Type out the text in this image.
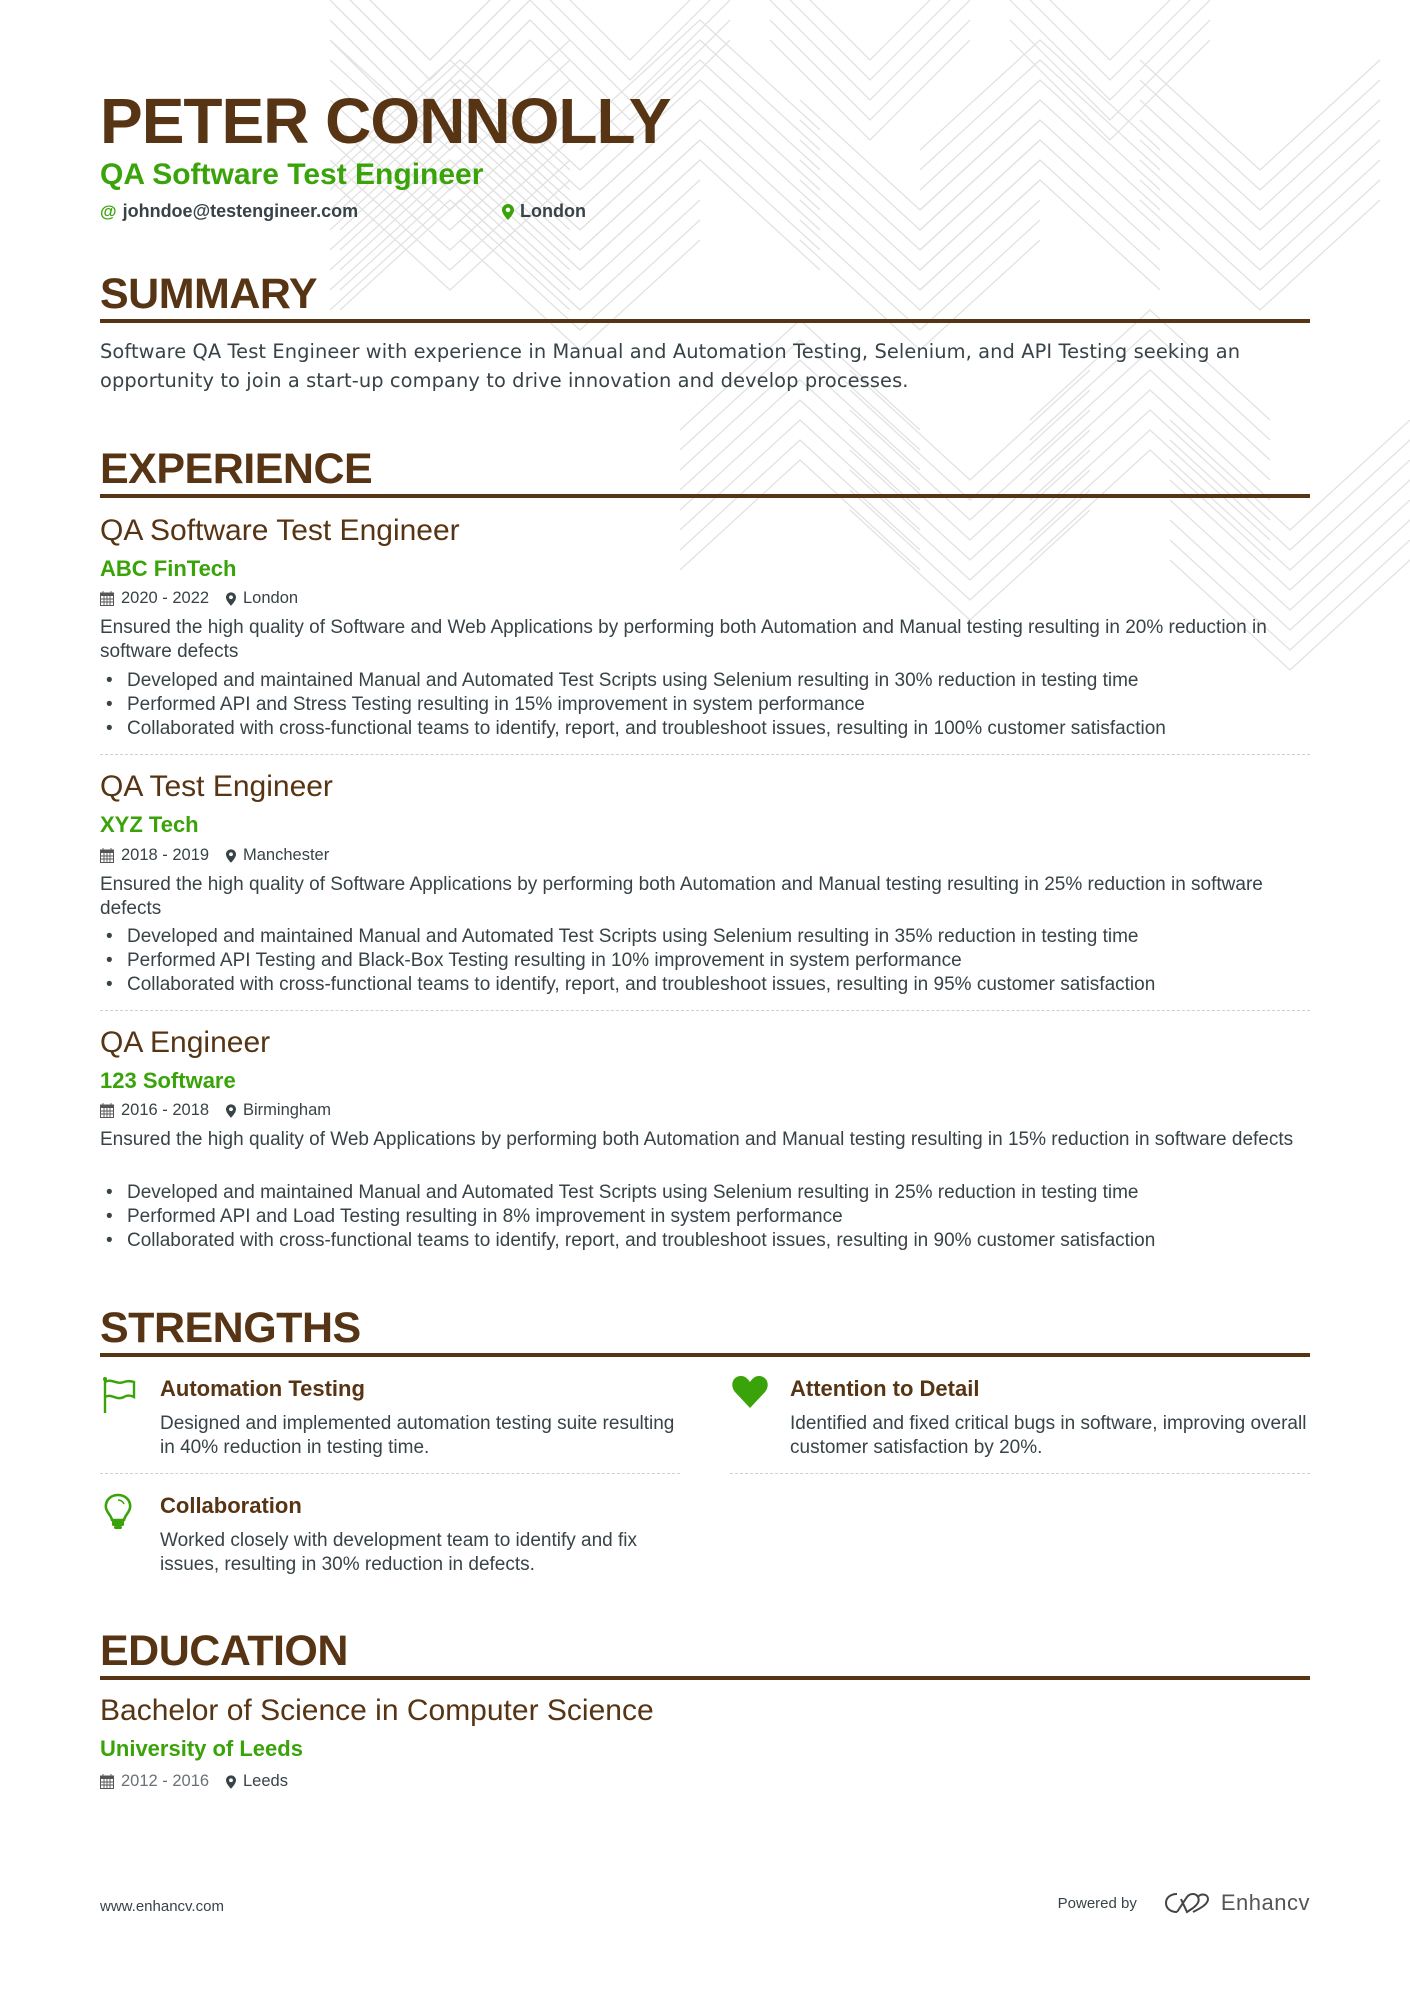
PETER CONNOLLY
QA Software Test Engineer
@ johndoe@testengineer.com	London
SUMMARY
Software QA Test Engineer with experience in Manual and Automation Testing, Selenium, and API Testing seeking an opportunity to join a start-up company to drive innovation and develop processes.
EXPERIENCE
QA Software Test Engineer
ABC FinTech
2020 - 2022 London
Ensured the high quality of Software and Web Applications by performing both Automation and Manual testing resulting in 20% reduction in software defects
• Developed and maintained Manual and Automated Test Scripts using Selenium resulting in 30% reduction in testing time
• Performed API and Stress Testing resulting in 15% improvement in system performance
• Collaborated with cross-functional teams to identify, report, and troubleshoot issues, resulting in 100% customer satisfaction
QA Test Engineer
XYZ Tech
2018 - 2019 Manchester
Ensured the high quality of Software Applications by performing both Automation and Manual testing resulting in 25% reduction in software defects
• Developed and maintained Manual and Automated Test Scripts using Selenium resulting in 35% reduction in testing time
• Performed API Testing and Black-Box Testing resulting in 10% improvement in system performance
• Collaborated with cross-functional teams to identify, report, and troubleshoot issues, resulting in 95% customer satisfaction
QA Engineer
123 Software
2016 - 2018 Birmingham
Ensured the high quality of Web Applications by performing both Automation and Manual testing resulting in 15% reduction in software defects
• Developed and maintained Manual and Automated Test Scripts using Selenium resulting in 25% reduction in testing time
• Performed API and Load Testing resulting in 8% improvement in system performance
• Collaborated with cross-functional teams to identify, report, and troubleshoot issues, resulting in 90% customer satisfaction
STRENGTHS
Automation Testing
Designed and implemented automation testing suite resulting in 40% reduction in testing time.
Attention to Detail
Identified and fixed critical bugs in software, improving overall customer satisfaction by 20%.
Collaboration
Worked closely with development team to identify and fix issues, resulting in 30% reduction in defects.
EDUCATION
Bachelor of Science in Computer Science
University of Leeds
2012 - 2016 Leeds
www.enhancv.com	Powered by	Enhancv
